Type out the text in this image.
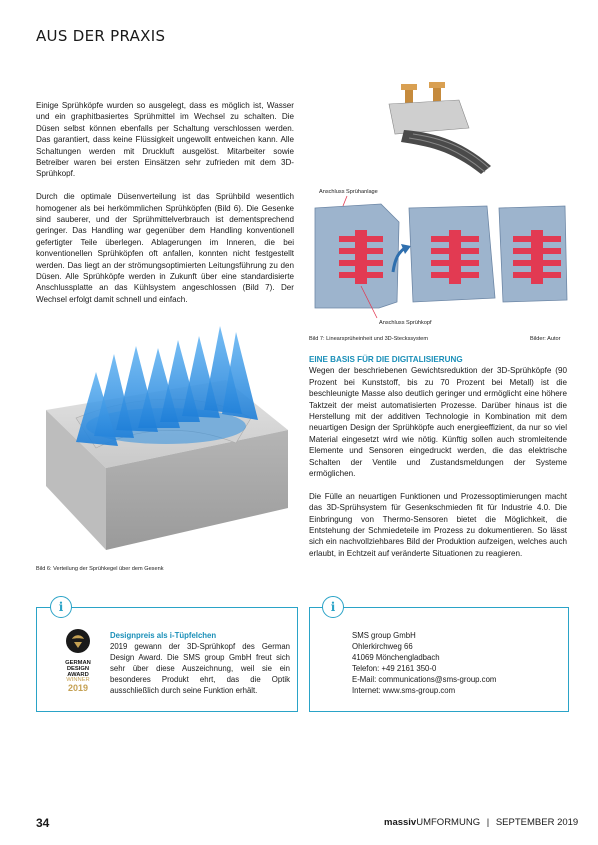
AUS DER PRAXIS

Einige Sprühköpfe wurden so ausgelegt, dass es möglich ist, Wasser und ein graphitbasiertes Sprühmittel im Wechsel zu schalten. Die Düsen selbst können ebenfalls per Schaltung verschlossen werden. Das garantiert, dass keine Flüssigkeit ungewollt entweichen kann. Alle Schaltungen werden mit Druckluft ausgelöst. Mitarbeiter sowie Betreiber waren bei ersten Einsätzen sehr zufrieden mit dem 3D-Sprühkopf.

Durch die optimale Düsenverteilung ist das Sprühbild wesentlich homogener als bei herkömmlichen Sprühköpfen (Bild 6). Die Gesenke sind sauberer, und der Sprühmittelverbrauch ist dementsprechend geringer. Das Handling war gegenüber dem Handling konventionell gefertigter Teile überlegen. Ablagerungen im Inneren, die bei konventionellen Sprühköpfen oft anfallen, konnten nicht festgestellt werden. Das liegt an der strömungsoptimierten Leitungsführung zu den Düsen. Alle Sprühköpfe werden in Zukunft über eine standardisierte Anschlussplatte an das Kühlsystem angeschlossen (Bild 7). Der Wechsel erfolgt damit schnell und einfach.

Bild 6: Verteilung der Sprühkegel über dem Gesenk
Anschluss Sprühanlage
Anschluss Sprühkopf
Bild 7: Linearsprüheinheit und 3D-Steckssystem	Bilder: Autor
EINE BASIS FÜR DIE DIGITALISIERUNG

Wegen der beschriebenen Gewichtsreduktion der 3D-Sprühköpfe (90 Prozent bei Kunststoff, bis zu 70 Prozent bei Metall) ist die beschleunigte Masse also deutlich geringer und ermöglicht eine höhere Taktzeit der meist automatisierten Prozesse. Darüber hinaus ist die Herstellung mit der additiven Technologie in Kombination mit dem neuartigen Design der Sprühköpfe auch energieeffizient, da nur so viel Material eingesetzt wird wie nötig. Künftig sollen auch stromleitende Elemente und Sensoren eingedruckt werden, die das elektrische Schalten der Ventile und Zustandsmeldungen der Systeme ermöglichen.

Die Fülle an neuartigen Funktionen und Prozessoptimierungen macht das 3D-Sprühsystem für Gesenkschmieden fit für Industrie 4.0. Die Einbringung von Thermo-Sensoren bietet die Möglichkeit, die Entstehung der Schmiedeteile im Prozess zu dokumentieren. So lässt sich ein nachvollziehbares Bild der Produktion aufzeigen, welches auch erlaubt, in Echtzeit auf veränderte Situationen zu reagieren.

i
GERMAN
DESIGN
AWARD
WINNER
2019
Designpreis als i-Tüpfelchen
2019 gewann der 3D-Sprühkopf des German Design Award. Die SMS group GmbH freut sich sehr über diese Auszeichnung, weil sie ein besonderes Produkt ehrt, das die Optik ausschließlich durch seine Funktion erhält.
i
SMS group GmbH
Ohlerkirchweg 66
41069 Mönchengladbach
Telefon: +49 2161 350-0
E-Mail: communications@sms-group.com
Internet: www.sms-group.com
34	massivUMFORMUNG | SEPTEMBER 2019
